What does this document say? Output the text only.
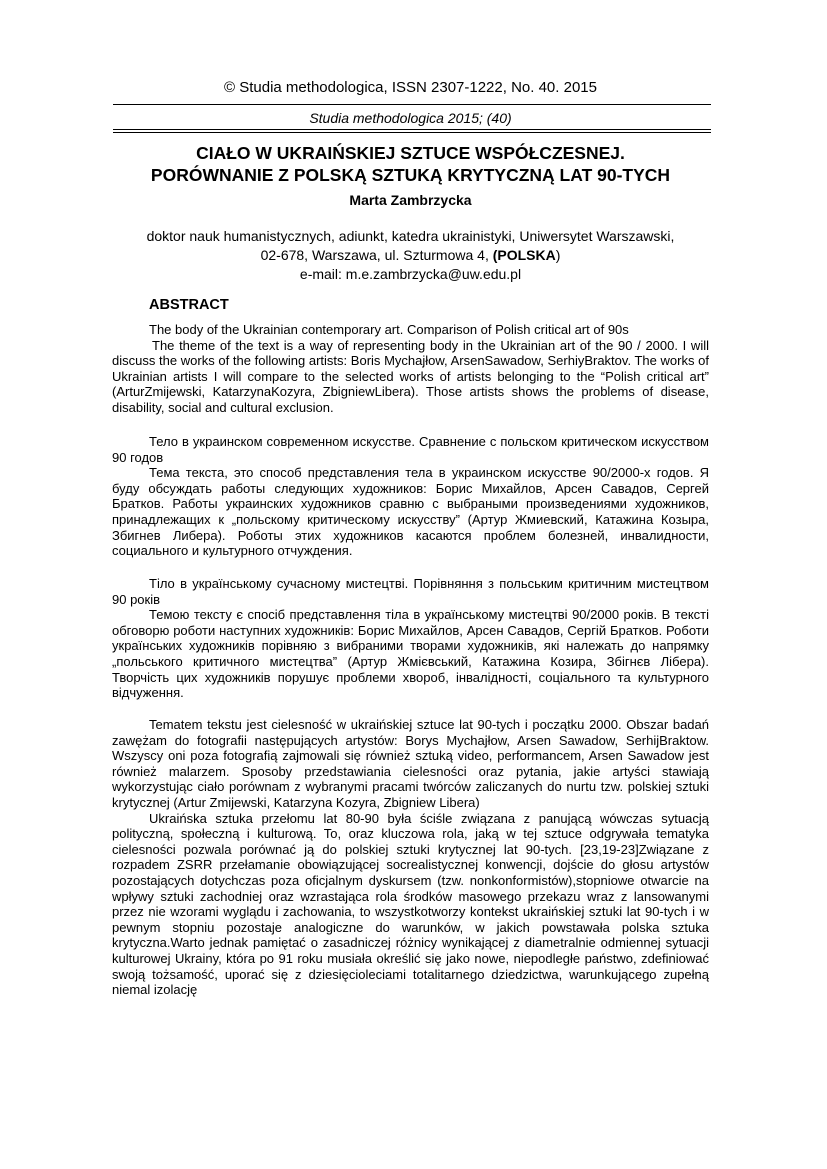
© Studia methodologica, ISSN 2307-1222, No. 40. 2015
Studia methodologica 2015; (40)
CIAŁO W UKRAIŃSKIEJ SZTUCE WSPÓŁCZESNEJ.
PORÓWNANIE Z POLSKĄ SZTUKĄ KRYTYCZNĄ LAT 90-TYCH
Marta Zambrzycka
doktor nauk humanistycznych, adiunkt, katedra ukrainistyki, Uniwersytet Warszawski,
02-678, Warszawa, ul. Szturmowa 4, (POLSKA)
e-mail: m.e.zambrzycka@uw.edu.pl
ABSTRACT

The body of the Ukrainian contemporary art. Comparison of Polish critical art of 90s

The theme of the text is a way of representing body in the Ukrainian art of the 90 / 2000. I will discuss the works of the following artists: Boris Mychajłow, ArsenSawadow, SerhiyBraktov. The works of Ukrainian artists I will compare to the selected works of artists belonging to the “Polish critical art” (ArturZmijewski, KatarzynaKozyra, ZbigniewLibera). Those artists shows the problems of disease, disability, social and cultural exclusion.

Тело в украинском современном искусстве. Сравнение с польском критическом искусством 90 годов

Тема текста, это способ представления тела в украинском искусстве 90/2000-х годов. Я буду обсуждать работы следующих художников: Борис Михайлов, Арсен Савадов, Сергей Братков. Работы украинских художников сравню с выбраными произведениями художников, принадлежащих к „польскому критическому искусству” (Артур Жмиевский, Катажина Козыра, Збигнев Либера). Роботы этих художников касаются проблем болезней, инвалидности, социального и культурного отчуждения.

Тіло в українському сучасному мистецтві. Порівняння з польським критичним мистецтвом 90 років

Темою тексту є спосіб представлення тіла в українському мистецтві 90/2000 років. В тексті обговорю роботи наступних художників: Борис Михайлов, Арсен Савадов, Сергій Братков. Роботи українських художників порівняю з вибраними творами художників, які належать до напрямку „польського критичного мистецтва” (Артур Жмієвський, Катажина Козира, Збігнєв Лібера). Творчість цих художників порушує проблеми хвороб, інвалідності, соціального та культурного відчуження.

Tematem tekstu jest cielesność w ukraińskiej sztuce lat 90-tych i początku 2000. Obszar badań zawężam do fotografii następujących artystów: Borys Mychajłow, Arsen Sawadow, SerhijBraktow. Wszyscy oni poza fotografią zajmowali się również sztuką video, performancem, Arsen Sawadow jest również malarzem. Sposoby przedstawiania cielesności oraz pytania, jakie artyści stawiają wykorzystując ciało porównam z wybranymi pracami twórców zaliczanych do nurtu tzw. polskiej sztuki krytycznej (Artur Zmijewski, Katarzyna Kozyra, Zbigniew Libera)

Ukraińska sztuka przełomu lat 80-90 była ściśle związana z panującą wówczas sytuacją polityczną, społeczną i kulturową. To, oraz kluczowa rola, jaką w tej sztuce odgrywała tematyka cielesności pozwala porównać ją do polskiej sztuki krytycznej lat 90-tych. [23,19-23]Związane z rozpadem ZSRR przełamanie obowiązującej socrealistycznej konwencji, dojście do głosu artystów pozostających dotychczas poza oficjalnym dyskursem (tzw. nonkonformistów),stopniowe otwarcie na wpływy sztuki zachodniej oraz wzrastająca rola środków masowego przekazu wraz z lansowanymi przez nie wzorami wyglądu i zachowania, to wszystkotworzy kontekst ukraińskiej sztuki lat 90-tych i w pewnym stopniu pozostaje analogiczne do warunków, w jakich powstawała polska sztuka krytyczna.Warto jednak pamiętać o zasadniczej różnicy wynikającej z diametralnie odmiennej sytuacji kulturowej Ukrainy, która po 91 roku musiała określić się jako nowe, niepodległe państwo, zdefiniować swoją tożsamość, uporać się z dziesięcioleciami totalitarnego dziedzictwa, warunkującego zupełną niemal izolację
